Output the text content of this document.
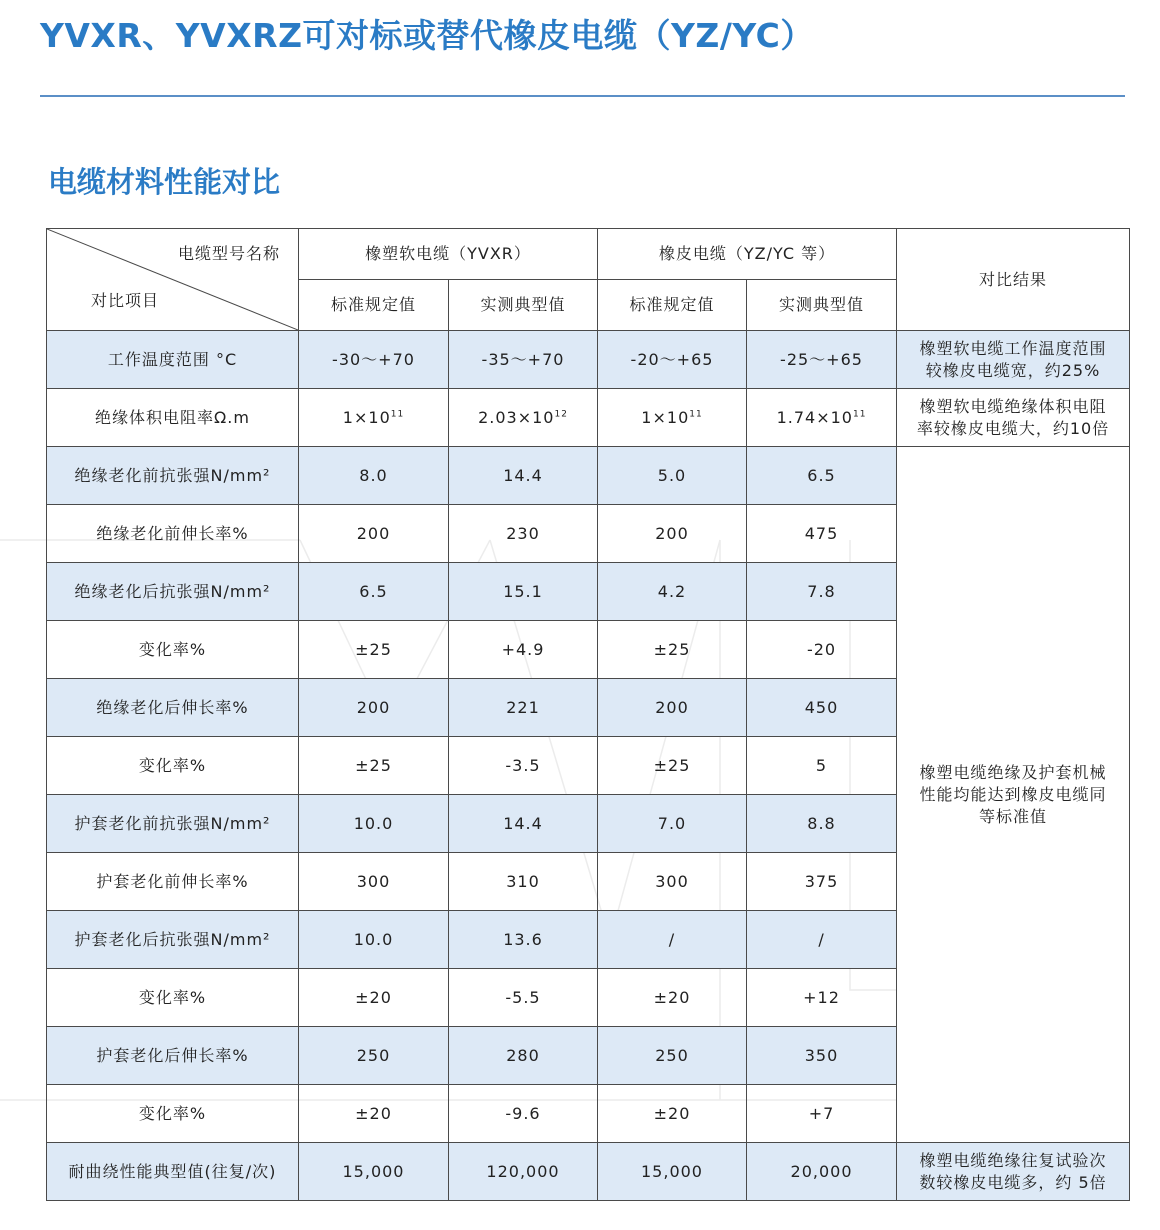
YVXR、YVXRZ可对标或替代橡皮电缆（YZ/YC）
电缆材料性能对比
电缆型号名称
对比项目	橡塑软电缆（YVXR）		橡皮电缆（YZ/YC 等）		对比结果
	标准规定值	实测典型值	标准规定值	实测典型值	
工作温度范围 °C	-30～+70	-35～+70	-20～+65	-25～+65	橡塑软电缆工作温度范围
较橡皮电缆宽，约25%

绝缘体积电阻率Ω.m	$1\times 10^{11}$	$2.03\times 10^{12}$	$1\times 10^{11}$	$1.74\times 10^{11}$	橡塑软电缆绝缘体积电阻
率较橡皮电缆大，约10倍

绝缘老化前抗张强N/mm²	8.0	14.4	5.0	6.5	橡塑电缆绝缘及护套机械
性能均能达到橡皮电缆同
等标准值

绝缘老化前伸长率%	200	230	200	475	
绝缘老化后抗张强N/mm²	6.5	15.1	4.2	7.8	
变化率%	±25	+4.9	±25	-20	
绝缘老化后伸长率%	200	221	200	450	
变化率%	±25	-3.5	±25	5	
护套老化前抗张强N/mm²	10.0	14.4	7.0	8.8	
护套老化前伸长率%	300	310	300	375	
护套老化后抗张强N/mm²	10.0	13.6	/	/	
变化率%	±20	-5.5	±20	+12	
护套老化后伸长率%	250	280	250	350	
变化率%	±20	-9.6	±20	+7	
耐曲绕性能典型值(往复/次)	15,000	120,000	15,000	20,000	橡塑电缆绝缘往复试验次
数较橡皮电缆多，约 5倍
